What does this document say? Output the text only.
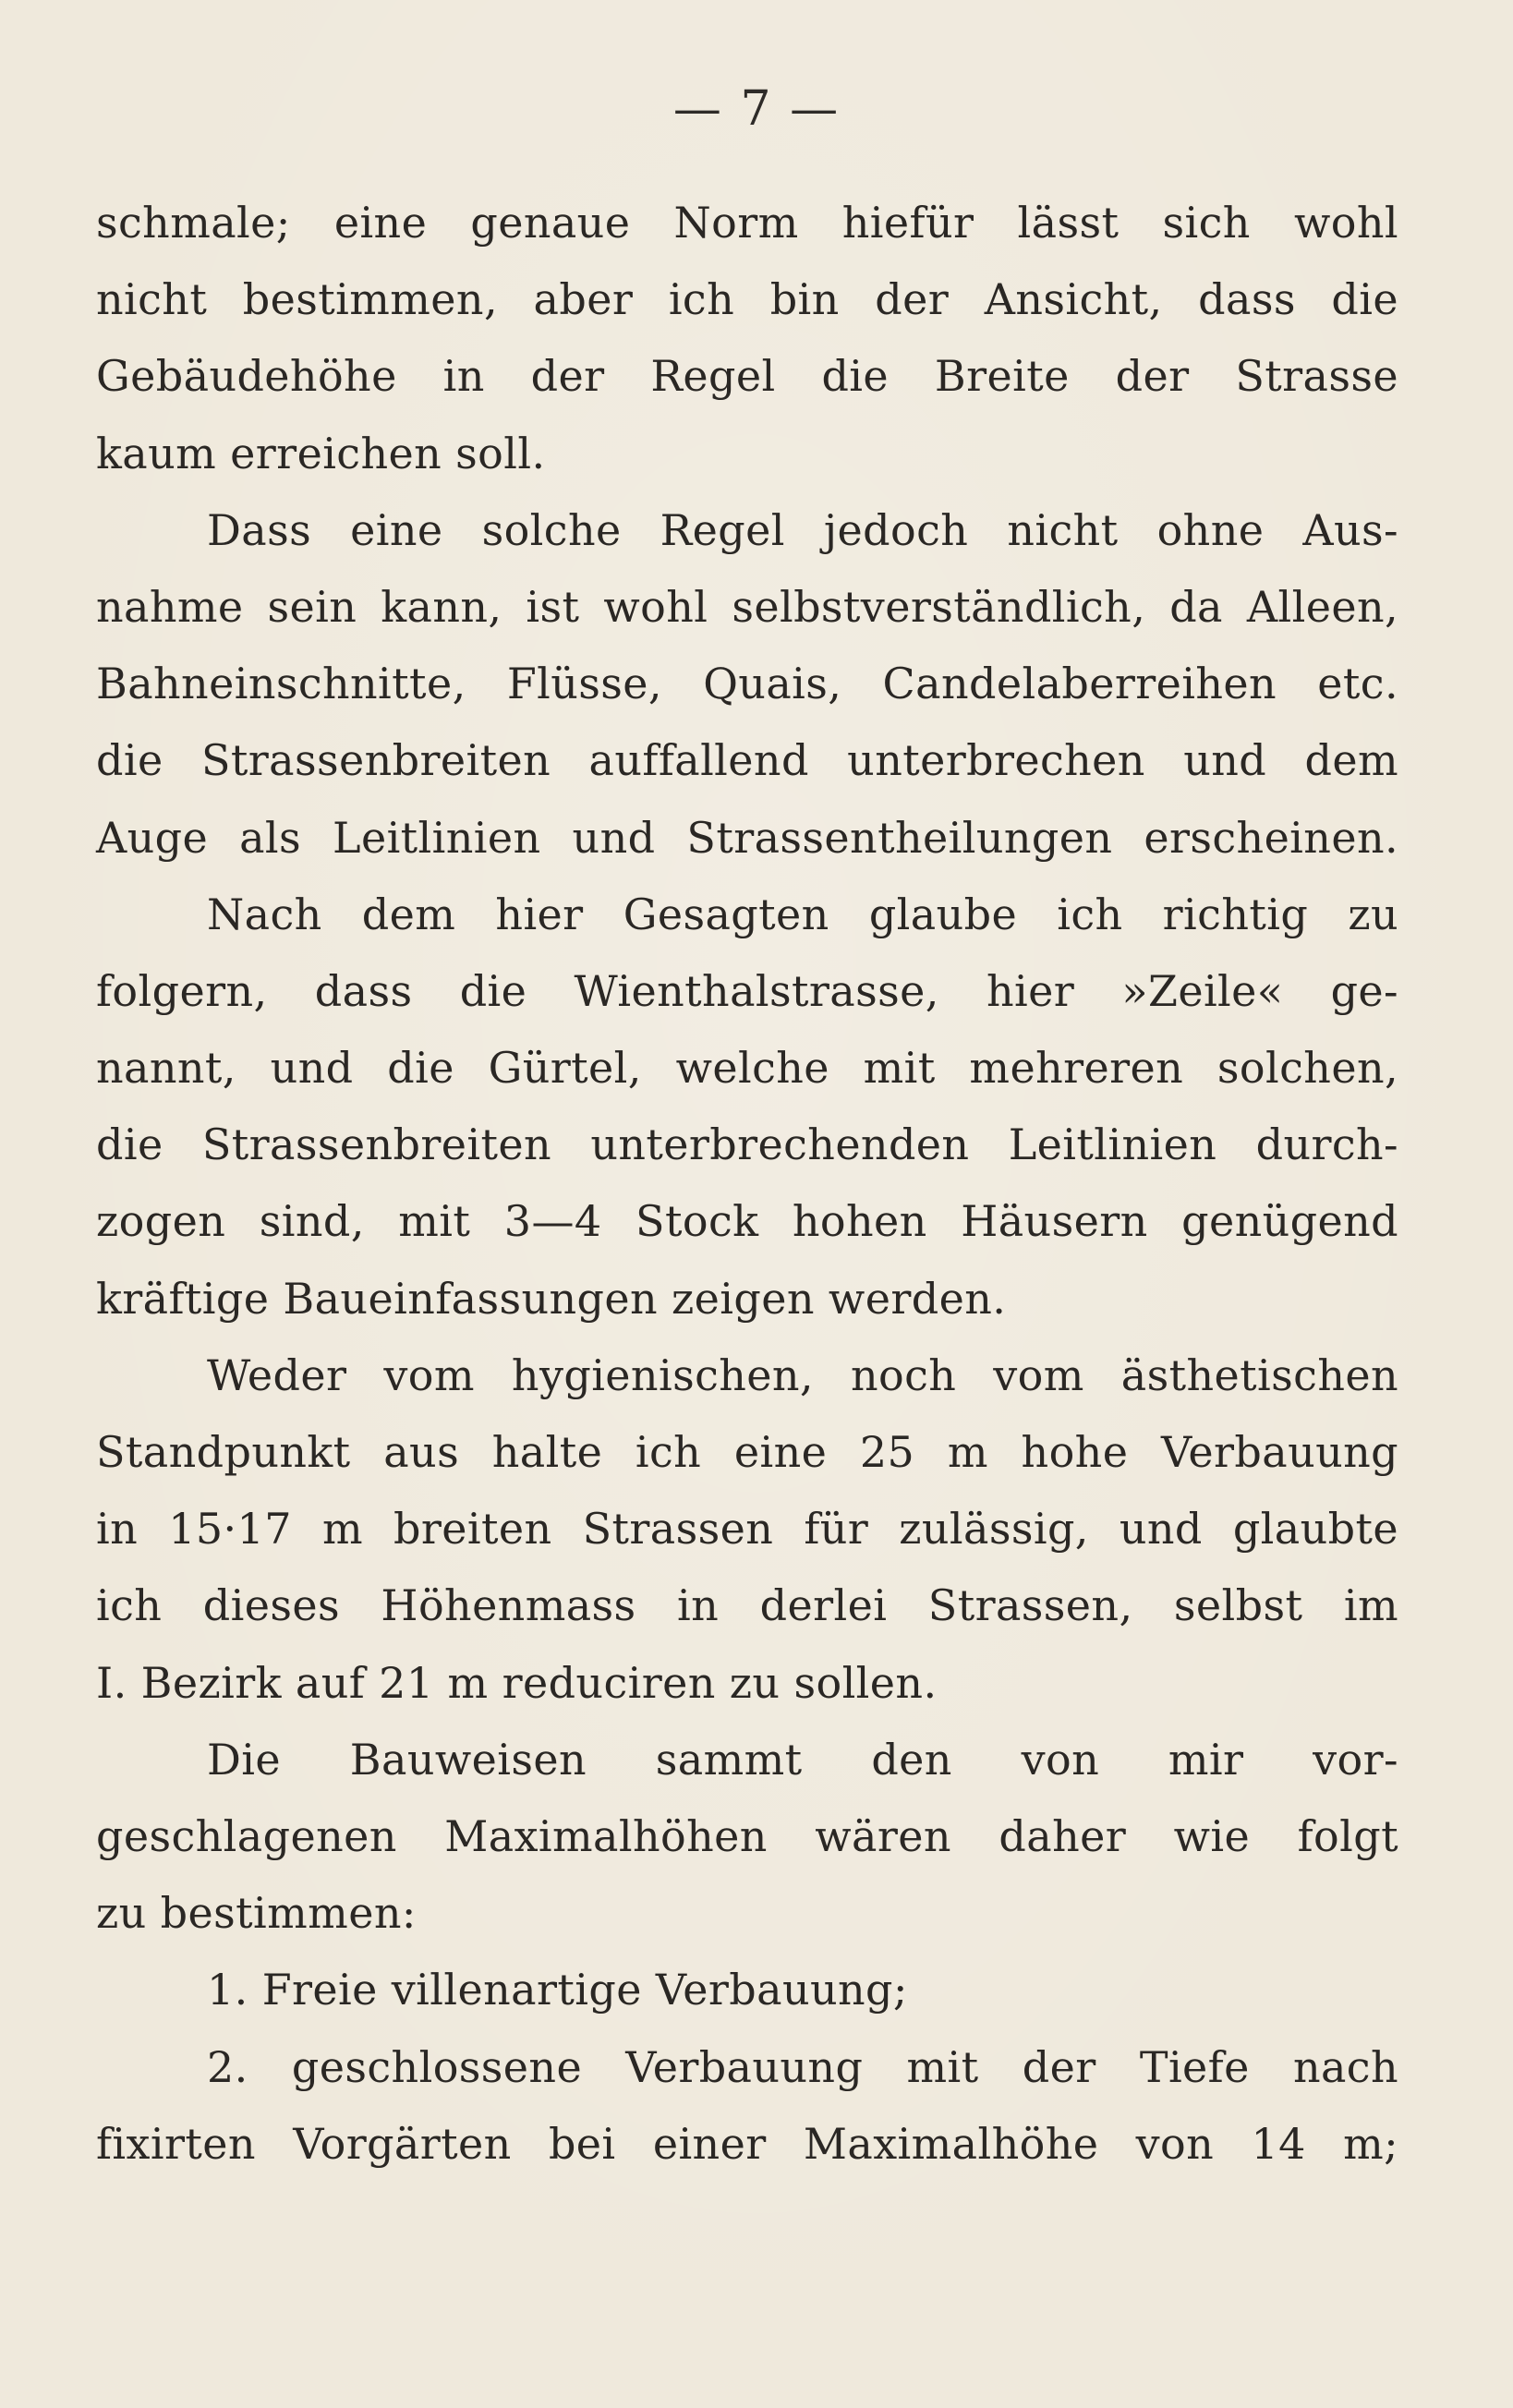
— 7 —
schmale; eine genaue Norm hiefür lässt sich wohl
nicht bestimmen, aber ich bin der Ansicht, dass die
Gebäudehöhe in der Regel die Breite der Strasse
kaum erreichen soll.
Dass eine solche Regel jedoch nicht ohne Aus-
nahme sein kann, ist wohl selbstverständlich, da Alleen,
Bahneinschnitte, Flüsse, Quais, Candelaberreihen etc.
die Strassenbreiten auffallend unterbrechen und dem
Auge als Leitlinien und Strassentheilungen erscheinen.
Nach dem hier Gesagten glaube ich richtig zu
folgern, dass die Wienthalstrasse, hier »Zeile« ge-
nannt, und die Gürtel, welche mit mehreren solchen,
die Strassenbreiten unterbrechenden Leitlinien durch-
zogen sind, mit 3—4 Stock hohen Häusern genügend
kräftige Baueinfassungen zeigen werden.
Weder vom hygienischen, noch vom ästhetischen
Standpunkt aus halte ich eine 25 m hohe Verbauung
in 15·17 m breiten Strassen für zulässig, und glaubte
ich dieses Höhenmass in derlei Strassen, selbst im
I. Bezirk auf 21 m reduciren zu sollen.
Die Bauweisen sammt den von mir vor-
geschlagenen Maximalhöhen wären daher wie folgt
zu bestimmen:
1. Freie villenartige Verbauung;
2. geschlossene Verbauung mit der Tiefe nach
fixirten Vorgärten bei einer Maximalhöhe von 14 m;
